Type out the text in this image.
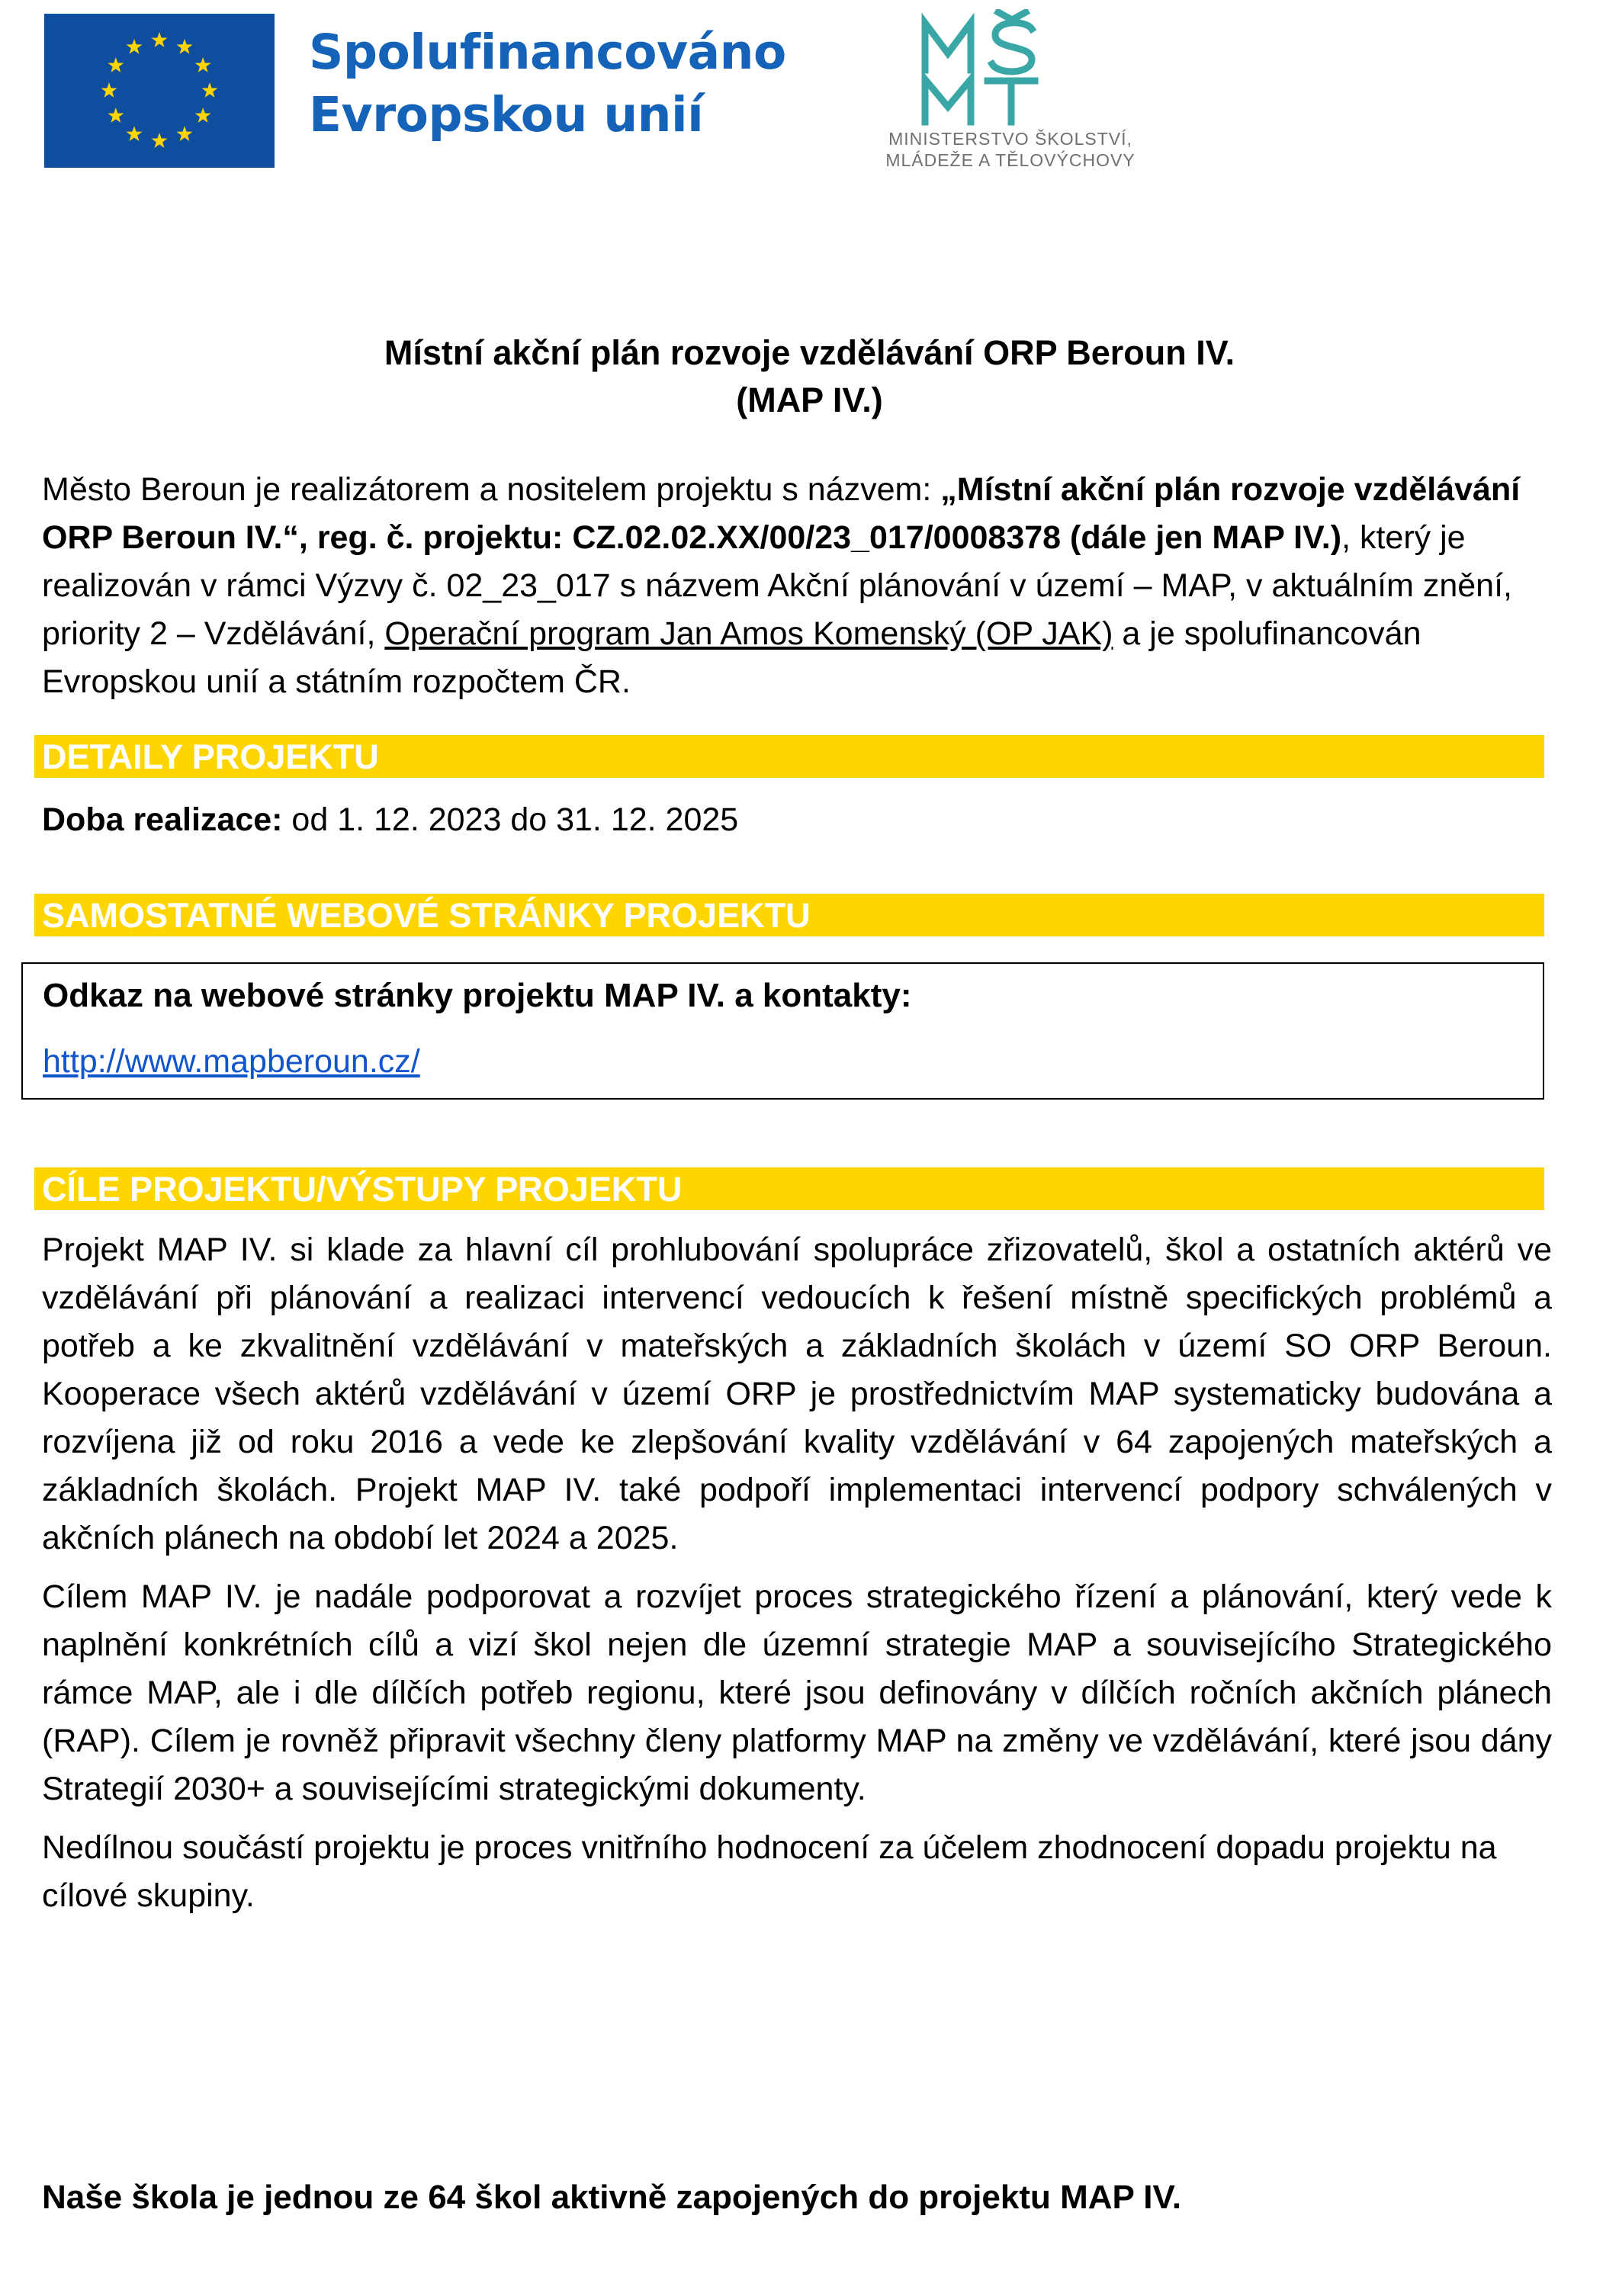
Spolufinancováno
Evropskou unií	MINISTERSTVO ŠKOLSTVÍ,
MLÁDEŽE A TĚLOVÝCHOVY
Místní akční plán rozvoje vzdělávání ORP Beroun IV.
(MAP IV.)

Město Beroun je realizátorem a nositelem projektu s názvem: „Místní akční plán rozvoje vzdělávání ORP Beroun IV.“, reg. č. projektu: CZ.02.02.XX/00/23_017/0008378 (dále jen MAP IV.), který je realizován v rámci Výzvy č. 02_23_017 s názvem Akční plánování v území – MAP, v aktuálním znění, priority 2 – Vzdělávání, Operační program Jan Amos Komenský (OP JAK) a je spolufinancován Evropskou unií a státním rozpočtem ČR.

DETAILY PROJEKTU

Doba realizace: od 1. 12. 2023 do 31. 12. 2025

SAMOSTATNÉ WEBOVÉ STRÁNKY PROJEKTU
Odkaz na webové stránky projektu MAP IV. a kontakty:
http://www.mapberoun.cz/
CÍLE PROJEKTU/VÝSTUPY PROJEKTU

Projekt MAP IV. si klade za hlavní cíl prohlubování spolupráce zřizovatelů, škol a ostatních aktérů ve vzdělávání při plánování a realizaci intervencí vedoucích k řešení místně specifických problémů a potřeb a ke zkvalitnění vzdělávání v mateřských a základních školách v území SO ORP Beroun. Kooperace všech aktérů vzdělávání v území ORP je prostřednictvím MAP systematicky budována a rozvíjena již od roku 2016 a vede ke zlepšování kvality vzdělávání v 64 zapojených mateřských a základních školách. Projekt MAP IV. také podpoří implementaci intervencí podpory schválených v akčních plánech na období let 2024 a 2025.

Cílem MAP IV. je nadále podporovat a rozvíjet proces strategického řízení a plánování, který vede k naplnění konkrétních cílů a vizí škol nejen dle územní strategie MAP a souvisejícího Strategického rámce MAP, ale i dle dílčích potřeb regionu, které jsou definovány v dílčích ročních akčních plánech (RAP). Cílem je rovněž připravit všechny členy platformy MAP na změny ve vzdělávání, které jsou dány Strategií 2030+ a souvisejícími strategickými dokumenty.

Nedílnou součástí projektu je proces vnitřního hodnocení za účelem zhodnocení dopadu projektu na cílové skupiny.

Naše škola je jednou ze 64 škol aktivně zapojených do projektu MAP IV.
